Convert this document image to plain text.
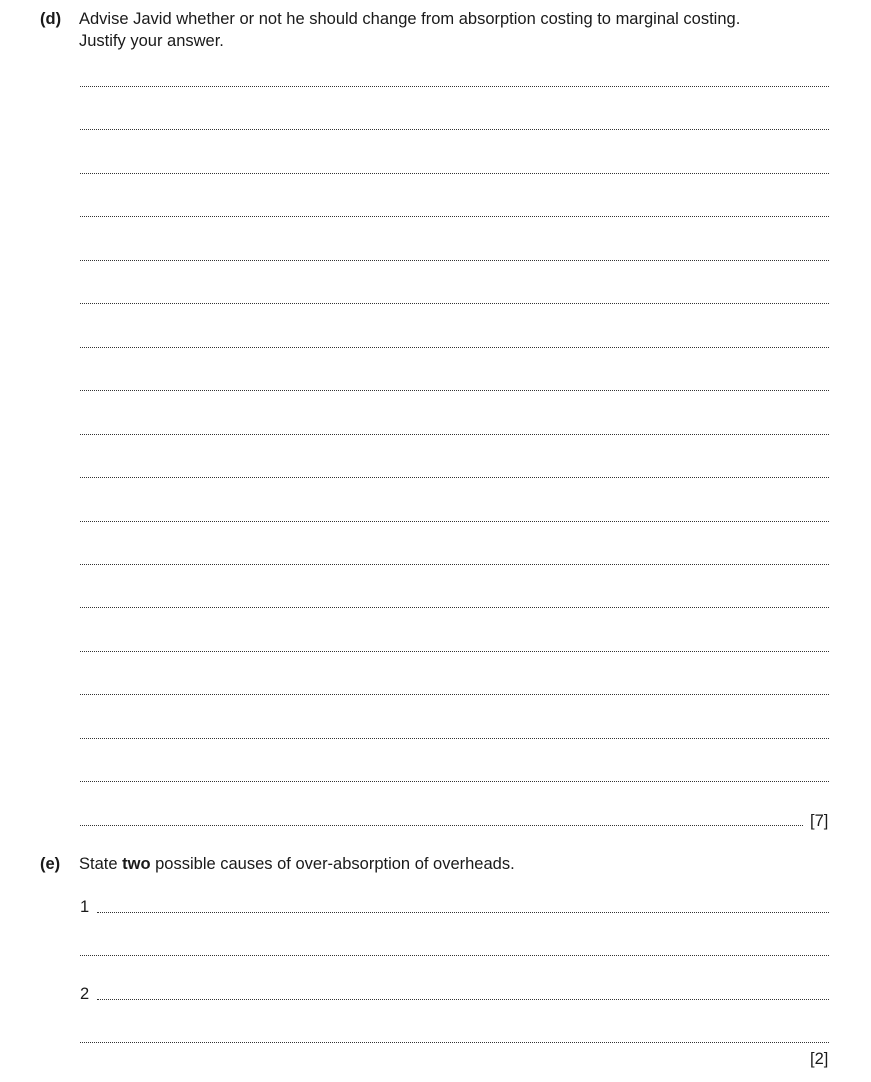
(d) Advise Javid whether or not he should change from absorption costing to marginal costing.
Justify your answer.
[7]
(e) State two possible causes of over-absorption of overheads.
1
2
[2]
